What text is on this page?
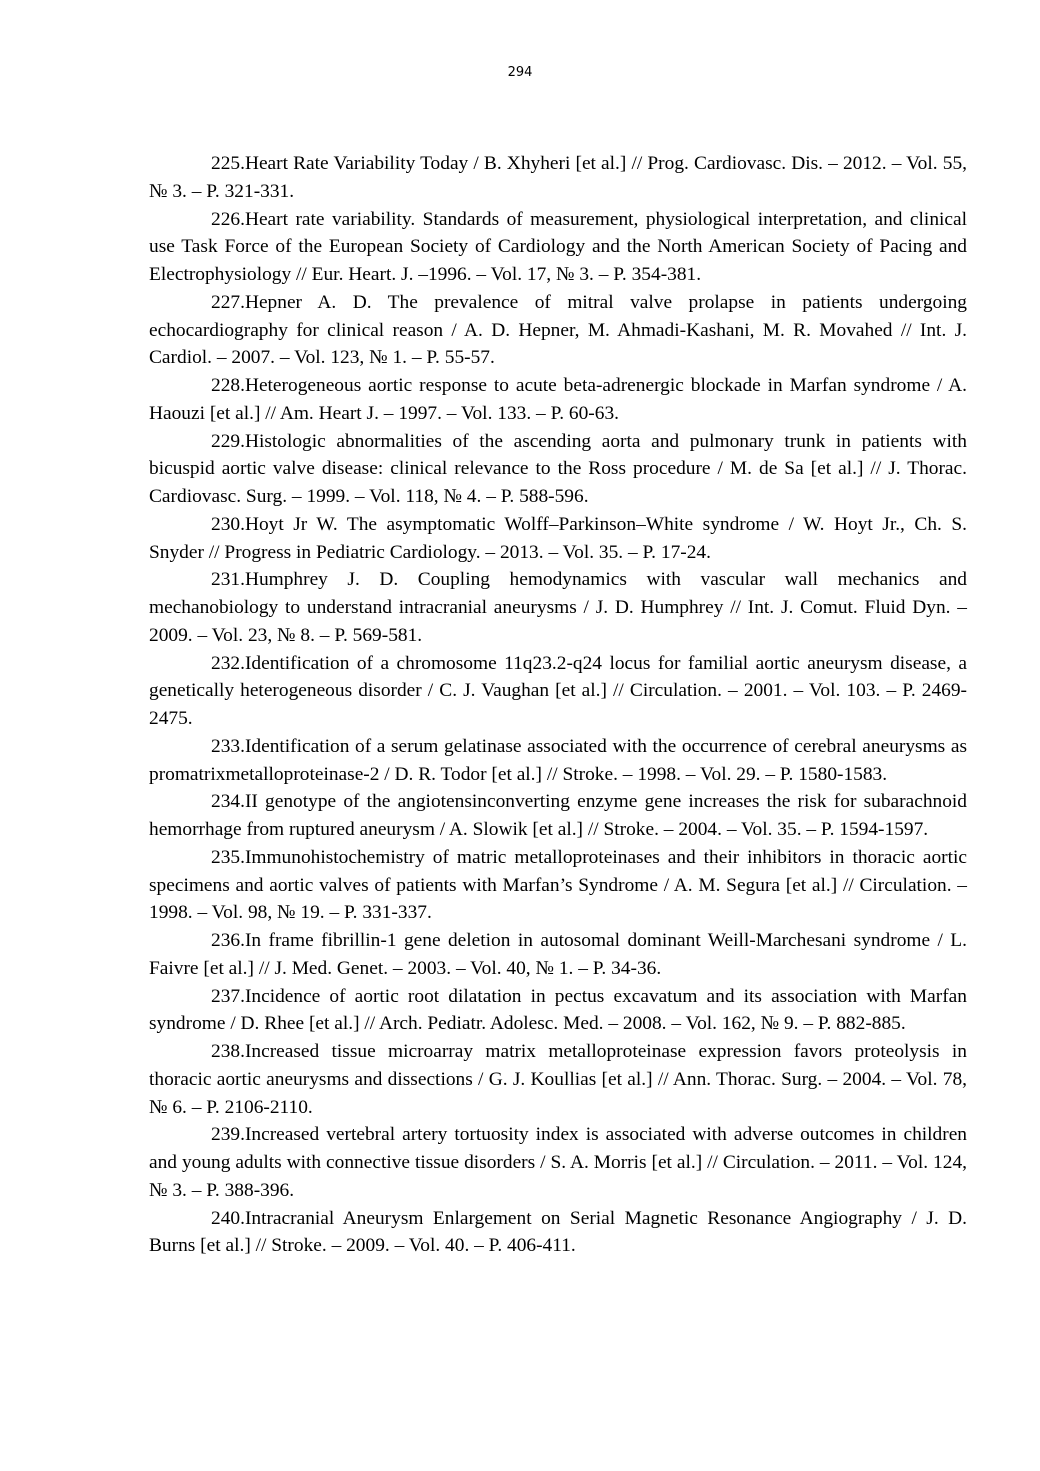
294

225.Heart Rate Variability Today / B. Xhyheri [et al.] // Prog. Cardiovasc. Dis. – 2012. – Vol. 55, № 3. – P. 321-331.

226.Heart rate variability. Standards of measurement, physiological interpretation, and clinical use Task Force of the European Society of Cardiology and the North American Society of Pacing and Electrophysiology // Eur. Heart. J. –1996. – Vol. 17, № 3. – P. 354-381.

227.Hepner A. D. The prevalence of mitral valve prolapse in patients undergoing echocardiography for clinical reason / A. D. Hepner, M. Ahmadi-Kashani, M. R. Movahed // Int. J. Cardiol. – 2007. – Vol. 123, № 1. – P. 55-57.

228.Heterogeneous aortic response to acute beta-adrenergic blockade in Marfan syndrome / A. Haouzi [et al.] // Am. Heart J. – 1997. – Vol. 133. – P. 60-63.

229.Histologic abnormalities of the ascending aorta and pulmonary trunk in patients with bicuspid aortic valve disease: clinical relevance to the Ross procedure / M. de Sa [et al.] // J. Thorac. Cardiovasc. Surg. – 1999. – Vol. 118, № 4. – P. 588-596.

230.Hoyt Jr W. The asymptomatic Wolff–Parkinson–White syndrome / W. Hoyt Jr., Ch. S. Snyder // Progress in Pediatric Cardiology. – 2013. – Vol. 35. – P. 17-24.

231.Humphrey J. D. Coupling hemodynamics with vascular wall mechanics and mechanobiology to understand intracranial aneurysms / J. D. Humphrey // Int. J. Comut. Fluid Dyn. – 2009. – Vol. 23, № 8. – P. 569-581.

232.Identification of a chromosome 11q23.2-q24 locus for familial aortic aneurysm disease, a genetically heterogeneous disorder / C. J. Vaughan [et al.] // Circulation. – 2001. – Vol. 103. – P. 2469-2475.

233.Identification of a serum gelatinase associated with the occurrence of cerebral aneurysms as promatrixmetalloproteinase-2 / D. R. Todor [et al.] // Stroke. – 1998. – Vol. 29. – P. 1580-1583.

234.II genotype of the angiotensinconverting enzyme gene increases the risk for subarachnoid hemorrhage from ruptured aneurysm / A. Slowik [et al.] // Stroke. – 2004. – Vol. 35. – P. 1594-1597.

235.Immunohistochemistry of matric metalloproteinases and their inhibitors in thoracic aortic specimens and aortic valves of patients with Marfan’s Syndrome / A. M. Segura [et al.] // Circulation. – 1998. – Vol. 98, № 19. – P. 331-337.

236.In frame fibrillin-1 gene deletion in autosomal dominant Weill-Marchesani syndrome / L. Faivre [et al.] // J. Med. Genet. – 2003. – Vol. 40, № 1. – P. 34-36.

237.Incidence of aortic root dilatation in pectus excavatum and its association with Marfan syndrome / D. Rhee [et al.] // Arch. Pediatr. Adolesc. Med. – 2008. – Vol. 162, № 9. – P. 882-885.

238.Increased tissue microarray matrix metalloproteinase expression favors proteolysis in thoracic aortic aneurysms and dissections / G. J. Koullias [et al.] // Ann. Thorac. Surg. – 2004. – Vol. 78, № 6. – P. 2106-2110.

239.Increased vertebral artery tortuosity index is associated with adverse outcomes in children and young adults with connective tissue disorders / S. A. Morris [et al.] // Circulation. – 2011. – Vol. 124, № 3. – P. 388-396.

240.Intracranial Aneurysm Enlargement on Serial Magnetic Resonance Angiography / J. D. Burns [et al.] // Stroke. – 2009. – Vol. 40. – P. 406-411.
